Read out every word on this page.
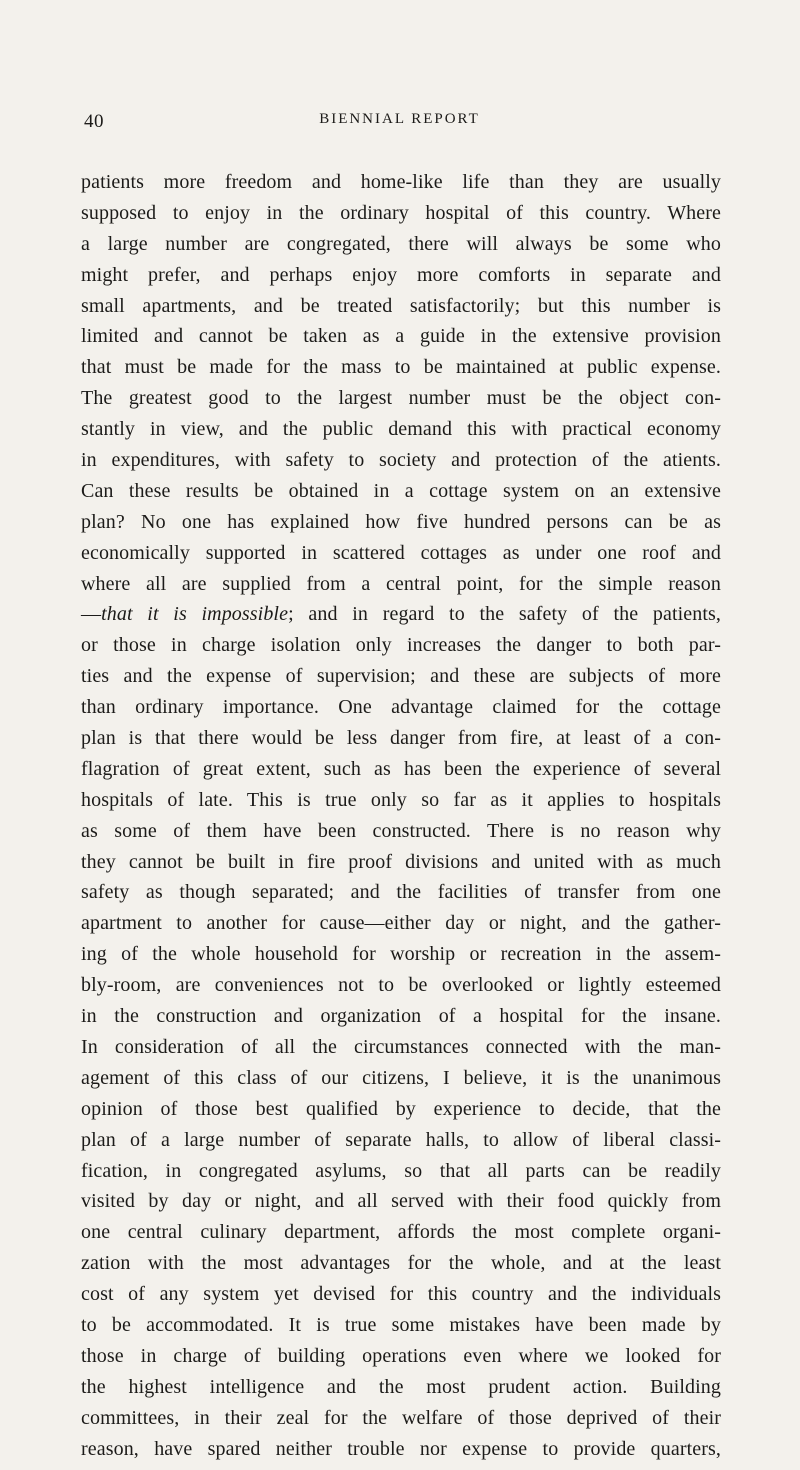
40	BIENNIAL REPORT
patients more freedom and home-like life than they are usually
supposed to enjoy in the ordinary hospital of this country. Where
a large number are congregated, there will always be some who
might prefer, and perhaps enjoy more comforts in separate and
small apartments, and be treated satisfactorily; but this number is
limited and cannot be taken as a guide in the extensive provision
that must be made for the mass to be maintained at public expense.
The greatest good to the largest number must be the object con-
stantly in view, and the public demand this with practical economy
in expenditures, with safety to society and protection of the atients.
Can these results be obtained in a cottage system on an extensive
plan? No one has explained how five hundred persons can be as
economically supported in scattered cottages as under one roof and
where all are supplied from a central point, for the simple reason
—that it is impossible; and in regard to the safety of the patients,
or those in charge isolation only increases the danger to both par-
ties and the expense of supervision; and these are subjects of more
than ordinary importance. One advantage claimed for the cottage
plan is that there would be less danger from fire, at least of a con-
flagration of great extent, such as has been the experience of several
hospitals of late. This is true only so far as it applies to hospitals
as some of them have been constructed. There is no reason why
they cannot be built in fire proof divisions and united with as much
safety as though separated; and the facilities of transfer from one
apartment to another for cause—either day or night, and the gather-
ing of the whole household for worship or recreation in the assem-
bly-room, are conveniences not to be overlooked or lightly esteemed
in the construction and organization of a hospital for the insane.
In consideration of all the circumstances connected with the man-
agement of this class of our citizens, I believe, it is the unanimous
opinion of those best qualified by experience to decide, that the
plan of a large number of separate halls, to allow of liberal classi-
fication, in congregated asylums, so that all parts can be readily
visited by day or night, and all served with their food quickly from
one central culinary department, affords the most complete organi-
zation with the most advantages for the whole, and at the least
cost of any system yet devised for this country and the individuals
to be accommodated. It is true some mistakes have been made by
those in charge of building operations even where we looked for
the highest intelligence and the most prudent action. Building
committees, in their zeal for the welfare of those deprived of their
reason, have spared neither trouble nor expense to provide quarters,
